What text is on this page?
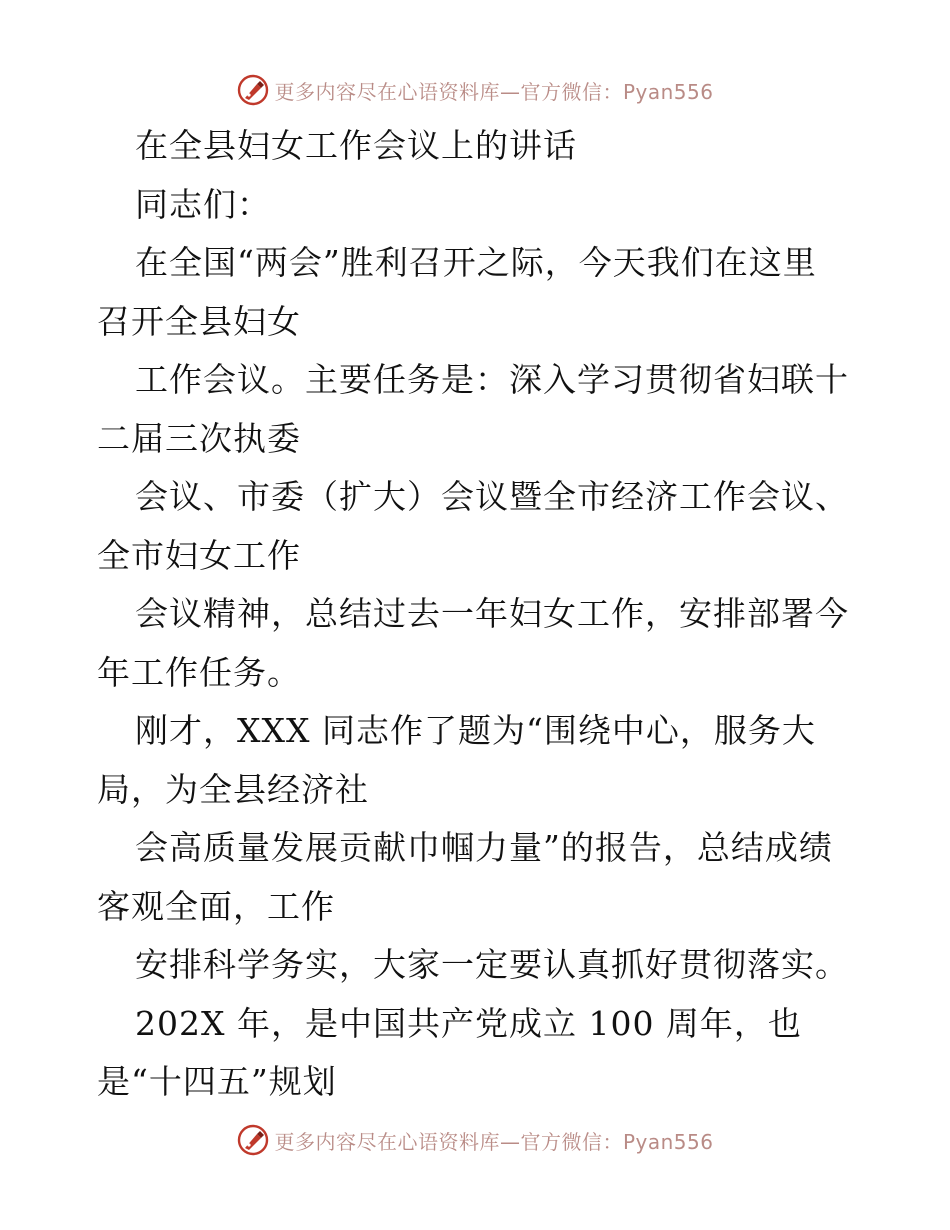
更多内容尽在心语资料库—官方微信：Pyan556
在全县妇女工作会议上的讲话
同志们：
在全国“两会”胜利召开之际，今天我们在这里
召开全县妇女
工作会议。主要任务是：深入学习贯彻省妇联十
二届三次执委
会议、市委（扩大）会议暨全市经济工作会议、
全市妇女工作
会议精神，总结过去一年妇女工作，安排部署今
年工作任务。
刚才，XXX 同志作了题为“围绕中心，服务大
局，为全县经济社
会高质量发展贡献巾帼力量”的报告，总结成绩
客观全面，工作
安排科学务实，大家一定要认真抓好贯彻落实。
202X 年，是中国共产党成立 100 周年，也
是“十四五”规划
更多内容尽在心语资料库—官方微信：Pyan556
